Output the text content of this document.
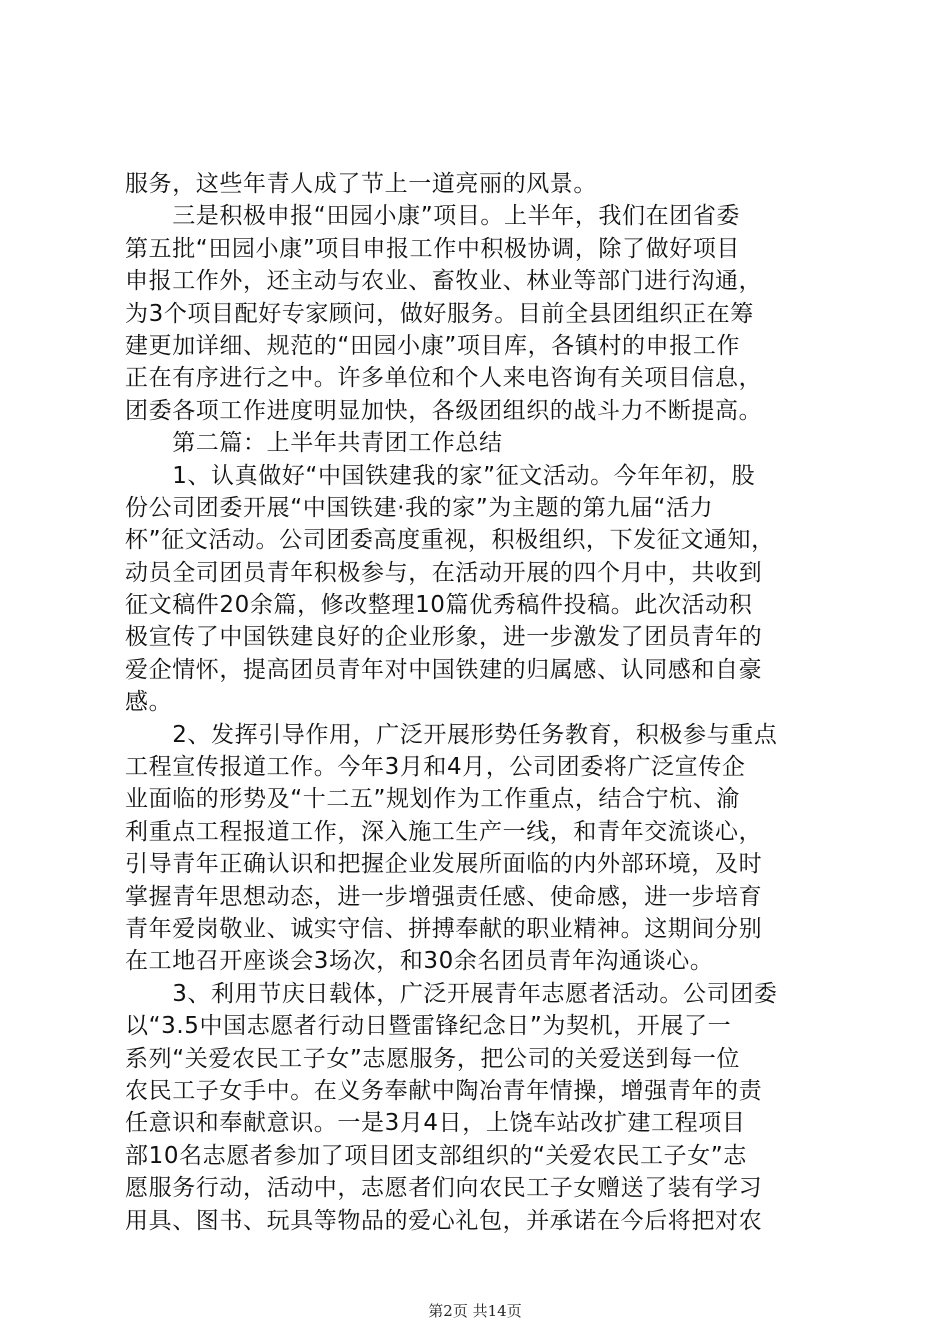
服务，这些年青人成了节上一道亮丽的风景。
　　三是积极申报“田园小康”项目。上半年，我们在团省委
第五批“田园小康”项目申报工作中积极协调，除了做好项目
申报工作外，还主动与农业、畜牧业、林业等部门进行沟通，
为3个项目配好专家顾问，做好服务。目前全县团组织正在筹
建更加详细、规范的“田园小康”项目库，各镇村的申报工作
正在有序进行之中。许多单位和个人来电咨询有关项目信息，
团委各项工作进度明显加快，各级团组织的战斗力不断提高。
　　第二篇：上半年共青团工作总结
　　1、认真做好“中国铁建我的家”征文活动。今年年初，股
份公司团委开展“中国铁建·我的家”为主题的第九届“活力
杯”征文活动。公司团委高度重视，积极组织，下发征文通知，
动员全司团员青年积极参与，在活动开展的四个月中，共收到
征文稿件20余篇，修改整理10篇优秀稿件投稿。此次活动积
极宣传了中国铁建良好的企业形象，进一步激发了团员青年的
爱企情怀，提高团员青年对中国铁建的归属感、认同感和自豪
感。
　　2、发挥引导作用，广泛开展形势任务教育，积极参与重点
工程宣传报道工作。今年3月和4月，公司团委将广泛宣传企
业面临的形势及“十二五”规划作为工作重点，结合宁杭、渝
利重点工程报道工作，深入施工生产一线，和青年交流谈心，
引导青年正确认识和把握企业发展所面临的内外部环境，及时
掌握青年思想动态，进一步增强责任感、使命感，进一步培育
青年爱岗敬业、诚实守信、拼搏奉献的职业精神。这期间分别
在工地召开座谈会3场次，和30余名团员青年沟通谈心。
　　3、利用节庆日载体，广泛开展青年志愿者活动。公司团委
以“3.5中国志愿者行动日暨雷锋纪念日”为契机，开展了一
系列“关爱农民工子女”志愿服务，把公司的关爱送到每一位
农民工子女手中。在义务奉献中陶冶青年情操，增强青年的责
任意识和奉献意识。一是3月4日，上饶车站改扩建工程项目
部10名志愿者参加了项目团支部组织的“关爱农民工子女”志
愿服务行动，活动中，志愿者们向农民工子女赠送了装有学习
用具、图书、玩具等物品的爱心礼包，并承诺在今后将把对农
第2页 共14页
